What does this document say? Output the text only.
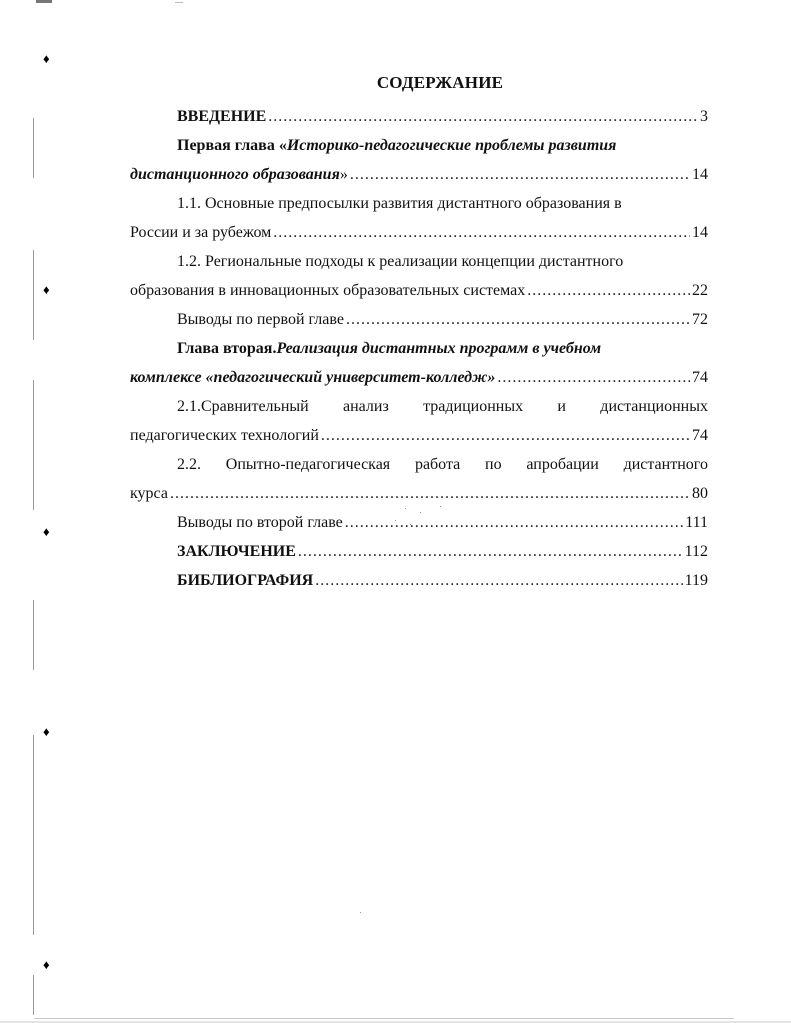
♦
♦
♦
♦
♦
СОДЕРЖАНИЕ
ВВЕДЕНИЕ .....	3
Первая глава « Историко-педагогические проблемы развития
дистанционного образования » .....	14
1.1. Основные предпосылки развития дистантного образования в
России и за рубежом .....	14
1.2. Региональные подходы к реализации концепции дистантного
образования в инновационных образовательных системах .....	22
Выводы по первой главе .....	72
Глава вторая. Реализация дистантных программ в учебном
комплексе «педагогический университет-колледж» .....	74
2.1.Сравнительный анализ традиционных и дистанционных
педагогических технологий .....	74
2.2. Опытно-педагогическая работа по апробации дистантного
курса .....	80
Выводы по второй главе .....	111
ЗАКЛЮЧЕНИЕ .....	112
БИБЛИОГРАФИЯ .....	119
